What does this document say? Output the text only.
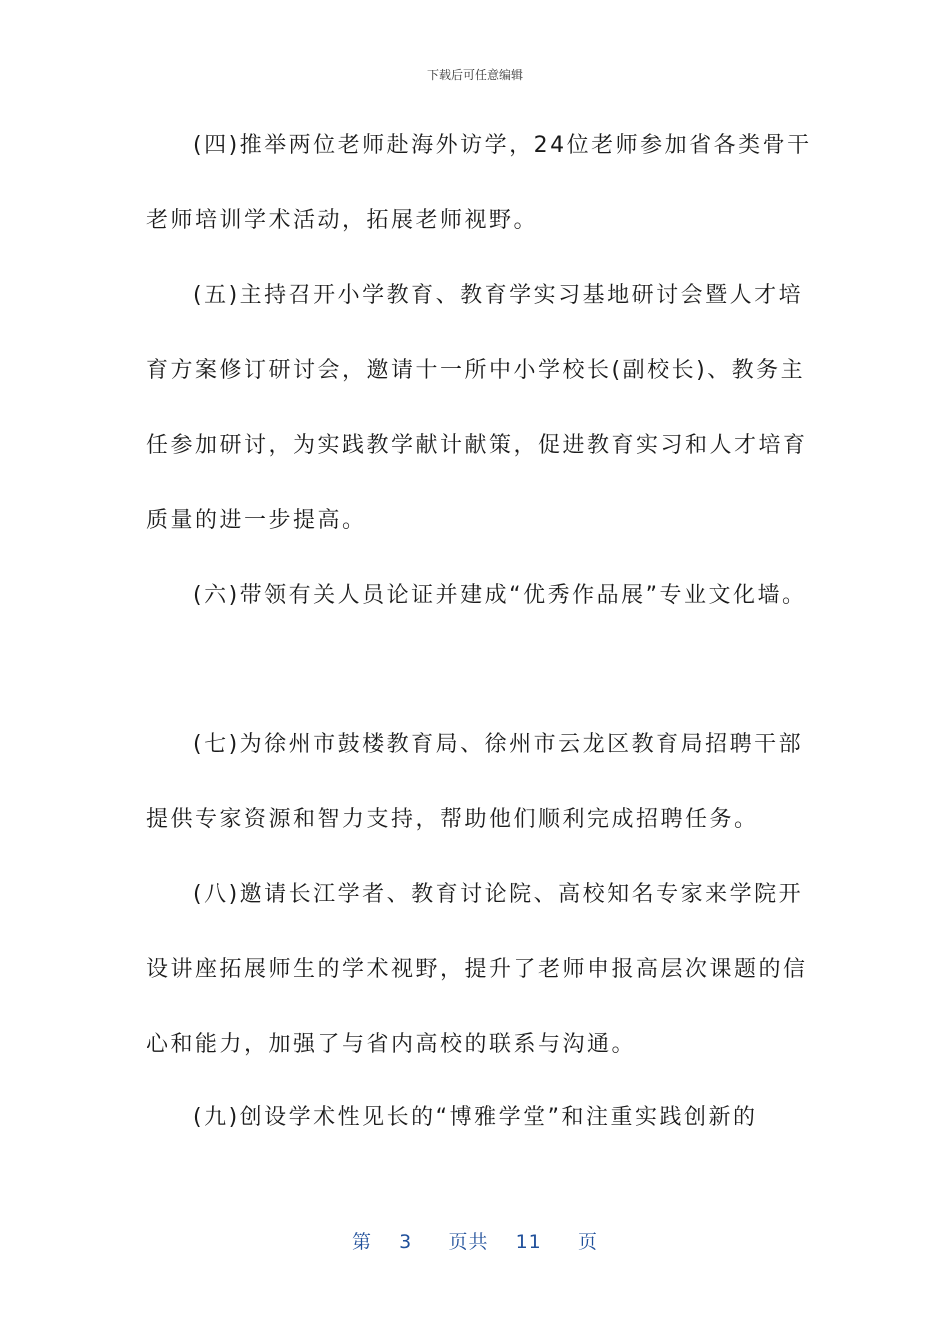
下载后可任意编辑
(四)推举两位老师赴海外访学，24位老师参加省各类骨干
老师培训学术活动，拓展老师视野。
(五)主持召开小学教育、教育学实习基地研讨会暨人才培
育方案修订研讨会，邀请十一所中小学校长(副校长)、教务主
任参加研讨，为实践教学献计献策，促进教育实习和人才培育
质量的进一步提高。
(六)带领有关人员论证并建成“优秀作品展”专业文化墙。
(七)为徐州市鼓楼教育局、徐州市云龙区教育局招聘干部
提供专家资源和智力支持，帮助他们顺利完成招聘任务。
(八)邀请长江学者、教育讨论院、高校知名专家来学院开
设讲座拓展师生的学术视野，提升了老师申报高层次课题的信
心和能力，加强了与省内高校的联系与沟通。
(九)创设学术性见长的“博雅学堂”和注重实践创新的
第 3 页共 11 页
